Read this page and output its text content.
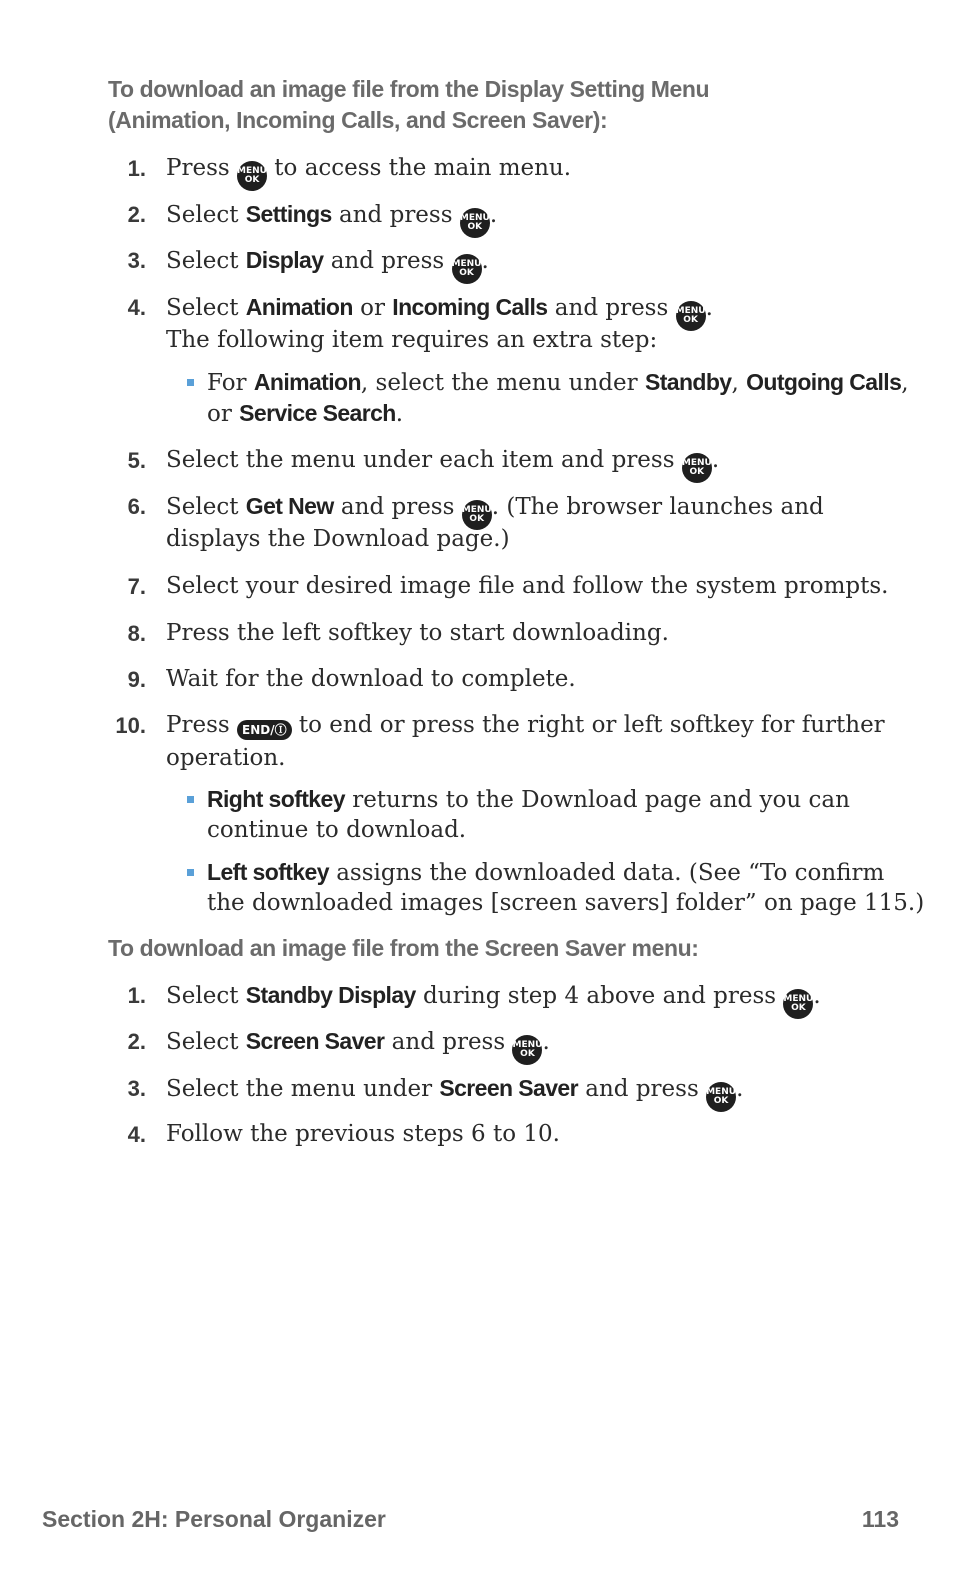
To download an image file from the Display Setting Menu
(Animation, Incoming Calls, and Screen Saver):
1. Press MENU
OK to access the main menu.
2. Select Settings and press MENU
OK .
3. Select Display and press MENU
OK .
4. Select Animation or Incoming Calls and press MENU
OK .
The following item requires an extra step:
For Animation, select the menu under Standby, Outgoing Calls,
or Service Search.
5. Select the menu under each item and press MENU
OK .
6. Select Get New and press MENU
OK . (The browser launches and
displays the Download page.)
7. Select your desired image file and follow the system prompts.
8. Press the left softkey to start downloading.
9. Wait for the download to complete.
10. Press END/Ⓘ to end or press the right or left softkey for further
operation.
Right softkey returns to the Download page and you can
continue to download.
Left softkey assigns the downloaded data. (See “To confirm
the downloaded images [screen savers] folder” on page 115.)
To download an image file from the Screen Saver menu:
1. Select Standby Display during step 4 above and press MENU
OK .
2. Select Screen Saver and press MENU
OK .
3. Select the menu under Screen Saver and press MENU
OK .
4. Follow the previous steps 6 to 10.
Section 2H: Personal Organizer	113
